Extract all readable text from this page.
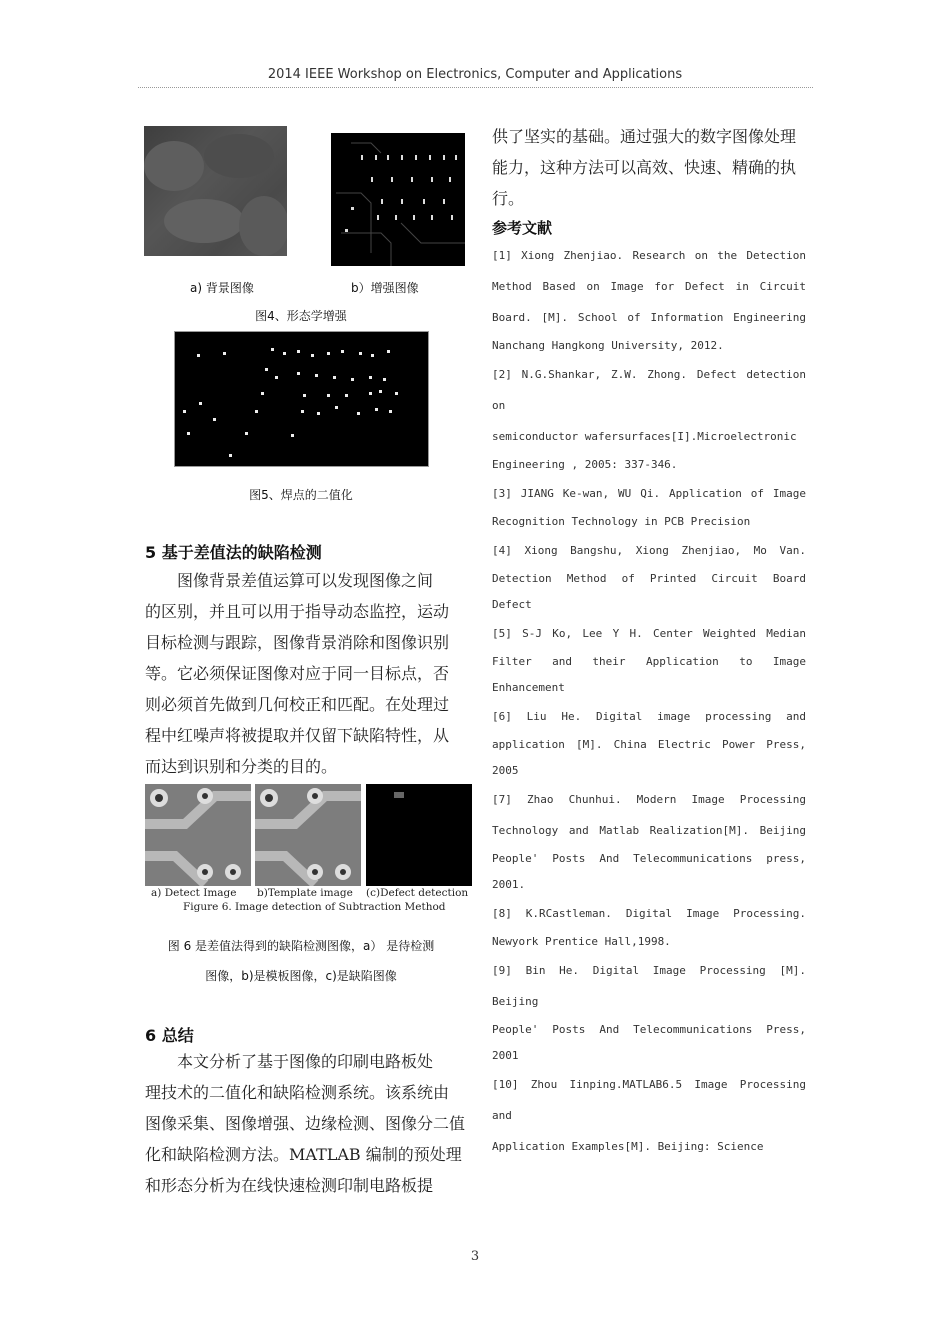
2014 IEEE Workshop on Electronics, Computer and Applications
a) 背景图像	b）增强图像
图4、形态学增强
图5、焊点的二值化
5 基于差值法的缺陷检测
图像背景差值运算可以发现图像之间
的区别，并且可以用于指导动态监控，运动
目标检测与跟踪，图像背景消除和图像识别
等。它必须保证图像对应于同一目标点，否
则必须首先做到几何校正和匹配。在处理过
程中红噪声将被提取并仅留下缺陷特性，从
而达到识别和分类的目的。
a) Detect Image b)Template image (c)Defect detection
Figure 6. Image detection of Subtraction Method
图 6 是差值法得到的缺陷检测图像，a） 是待检测
图像，b)是模板图像，c)是缺陷图像
6 总结
本文分析了基于图像的印刷电路板处
理技术的二值化和缺陷检测系统。该系统由
图像采集、图像增强、边缘检测、图像分二值
化和缺陷检测方法。MATLAB 编制的预处理
和形态分析为在线快速检测印制电路板提
供了坚实的基础。通过强大的数字图像处理
能力，这种方法可以高效、快速、精确的执行。
参考文献
[1] Xiong Zhenjiao. Research on the Detection
Method Based on Image for Defect in Circuit
Board. [M]. School of Information Engineering
Nanchang Hangkong University, 2012.
[2] N.G.Shankar, Z.W. Zhong. Defect detection on
semiconductor wafersurfaces[I].Microelectronic
Engineering , 2005: 337-346.
[3] JIANG Ke-wan, WU Qi. Application of Image
Recognition Technology in PCB Precision
[4] Xiong Bangshu, Xiong Zhenjiao, Mo Van.
Detection Method of Printed Circuit Board Defect
[5] S-J Ko, Lee Y H. Center Weighted Median
Filter and their Application to Image Enhancement
[6] Liu He. Digital image processing and
application [M]. China Electric Power Press, 2005
[7] Zhao Chunhui. Modern Image Processing
Technology and Matlab Realization[M]. Beijing
People' Posts And Telecommunications press, 2001.
[8] K.RCastleman. Digital Image Processing.
Newyork Prentice Hall,1998.
[9] Bin He. Digital Image Processing [M]. Beijing
People' Posts And Telecommunications Press, 2001
[10] Zhou Iinping.MATLAB6.5 Image Processing and
Application Examples[M]. Beijing: Science
3
